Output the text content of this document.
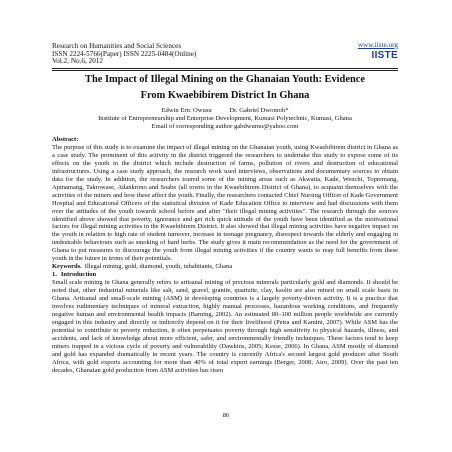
Research on Humanities and Social Sciences
ISSN 2224-5766(Paper) ISSN 2225-0484(Online)
Vol.2, No.6, 2012
www.iiste.org
IISTE
The Impact of Illegal Mining on the Ghanaian Youth: Evidence
From Kwaebibirem District In Ghana
Edwin Eric Owusu	Dr. Gabriel Dwomoh*
Institute of Entrepreneurship and Enterprise Development, Kumasi Polytechnic, Kumasi, Ghana
Email of corresponding author gabdwumo@yahoo.com
Abstract:

The purpose of this study is to examine the impact of illegal mining on the Ghanaian youth, using Kwaebibirem district in Ghana as a case study. The prominent of this activity in the district triggered the researchers to undertake this study to expose some of its effects on the youth in the district which include destruction of farms, pollution of rivers and destruction of educational infrastructures. Using a case study approach, the research work used interviews, observations and documentary sources to obtain data for the study. In addition, the researchers toured some of the mining areas such as Akwatia, Kade, Wenchi, Topremang, Apinamang, Takrowase, Adankrono and Soabe (all towns in the Kwaebibirem District of Ghana), to acquaint themselves with the activities of the miners and how these affect the youth. Finally, the researchers contacted Chief Nursing Officer of Kade Government Hospital and Educational Officers of the statistical division of Kade Education Office to interview and had discussions with them over the attitudes of the youth towards school before and after "their illegal mining activities". The research through the sources identified above showed that poverty, ignorance and get rich quick attitude of the youth have been identified as the motivational factors for illegal mining activities in the Kwaebibirem District. It also showed that illegal mining activities have negative impact on the youth in relation to high rate of student turnover, increase in teenage pregnancy, disrespect towards the elderly and engaging in undesirable behaviours such as smoking of hard herbs. The study gives it main recommendation as the need for the government of Ghana to put measures to discourage the youth from illegal mining activities if the country wants to reap full benefits from these youth in the future in terms of their potentials.

Keywords. Illegal mining, gold, diamond, youth, inhabitants, Ghana

1. Introduction

Small scale mining in Ghana generally refers to artisanal mining of precious minerals particularly gold and diamonds. It should be noted that, other industrial minerals like salt, sand, gravel, granite, quartzite, clay, kaolin are also mined on small scale basis in Ghana. Artisanal and small-scale mining (ASM) in developing countries is a largely poverty-driven activity. It is a practice that involves rudimentary techniques of mineral extraction, highly manual processes, hazardous working conditions, and frequently negative human and environmental health impacts (Barning, 2002). An estimated 80–100 million people worldwide are currently engaged in this industry and directly or indirectly depend on it for their livelihood (Petra and Kamini, 2007). While ASM has the potential to contribute to poverty reduction, it often perpetuates poverty through high sensitivity to physical hazards, illness, and accidents, and lack of knowledge about more efficient, safer, and environmentally friendly techniques. These factors tend to keep miners trapped in a vicious cycle of poverty and vulnerability (Dawkins, 2005; Kesse, 2006). In Ghana, ASM mostly of diamond and gold has expanded dramatically in recent years. The country is currently Africa's second largest gold producer after South Africa, with gold exports accounting for more than 40% of total export earnings (Berger, 2008; Airo, 2009). Over the past ten decades, Ghanaian gold production from ASM activities has risen

86
